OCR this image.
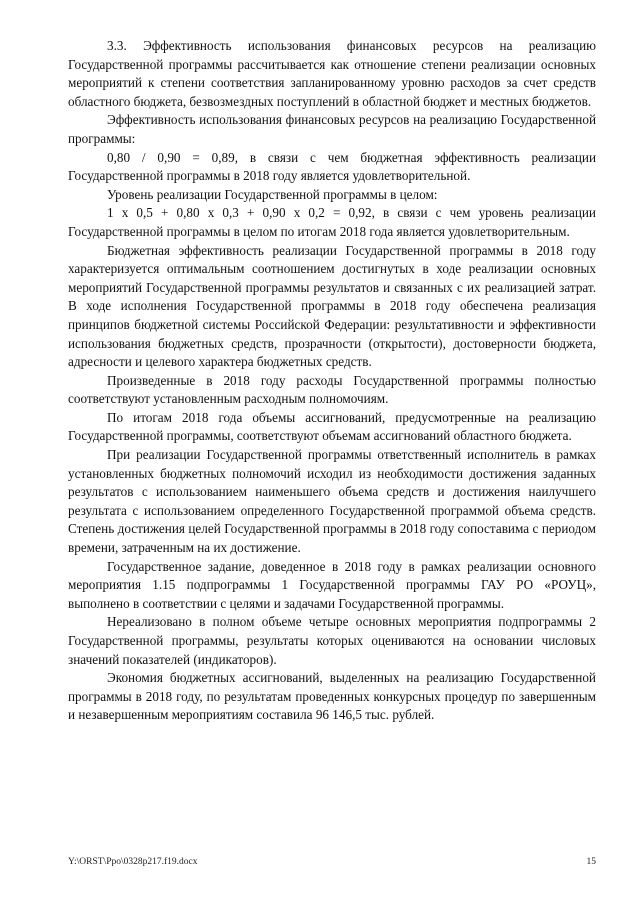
3.3. Эффективность использования финансовых ресурсов на реализацию Государственной программы рассчитывается как отношение степени реализации основных мероприятий к степени соответствия запланированному уровню расходов за счет средств областного бюджета, безвозмездных поступлений в областной бюджет и местных бюджетов.

Эффективность использования финансовых ресурсов на реализацию Государственной программы:

0,80 / 0,90 = 0,89, в связи с чем бюджетная эффективность реализации Государственной программы в 2018 году является удовлетворительной.

Уровень реализации Государственной программы в целом:

1 х 0,5 + 0,80 х 0,3 + 0,90 х 0,2 = 0,92, в связи с чем уровень реализации Государственной программы в целом по итогам 2018 года является удовлетворительным.

Бюджетная эффективность реализации Государственной программы в 2018 году характеризуется оптимальным соотношением достигнутых в ходе реализации основных мероприятий Государственной программы результатов и связанных с их реализацией затрат. В ходе исполнения Государственной программы в 2018 году обеспечена реализация принципов бюджетной системы Российской Федерации: результативности и эффективности использования бюджетных средств, прозрачности (открытости), достоверности бюджета, адресности и целевого характера бюджетных средств.

Произведенные в 2018 году расходы Государственной программы полностью соответствуют установленным расходным полномочиям.

По итогам 2018 года объемы ассигнований, предусмотренные на реализацию Государственной программы, соответствуют объемам ассигнований областного бюджета.

При реализации Государственной программы ответственный исполнитель в рамках установленных бюджетных полномочий исходил из необходимости достижения заданных результатов с использованием наименьшего объема средств и достижения наилучшего результата с использованием определенного Государственной программой объема средств. Степень достижения целей Государственной программы в 2018 году сопоставима с периодом времени, затраченным на их достижение.

Государственное задание, доведенное в 2018 году в рамках реализации основного мероприятия 1.15 подпрограммы 1 Государственной программы ГАУ РО «РОУЦ», выполнено в соответствии с целями и задачами Государственной программы.

Нереализовано в полном объеме четыре основных мероприятия подпрограммы 2 Государственной программы, результаты которых оцениваются на основании числовых значений показателей (индикаторов).

Экономия бюджетных ассигнований, выделенных на реализацию Государственной программы в 2018 году, по результатам проведенных конкурсных процедур по завершенным и незавершенным мероприятиям составила 96 146,5 тыс. рублей.

Y:\ORST\Ppo\0328p217.f19.docx	15
